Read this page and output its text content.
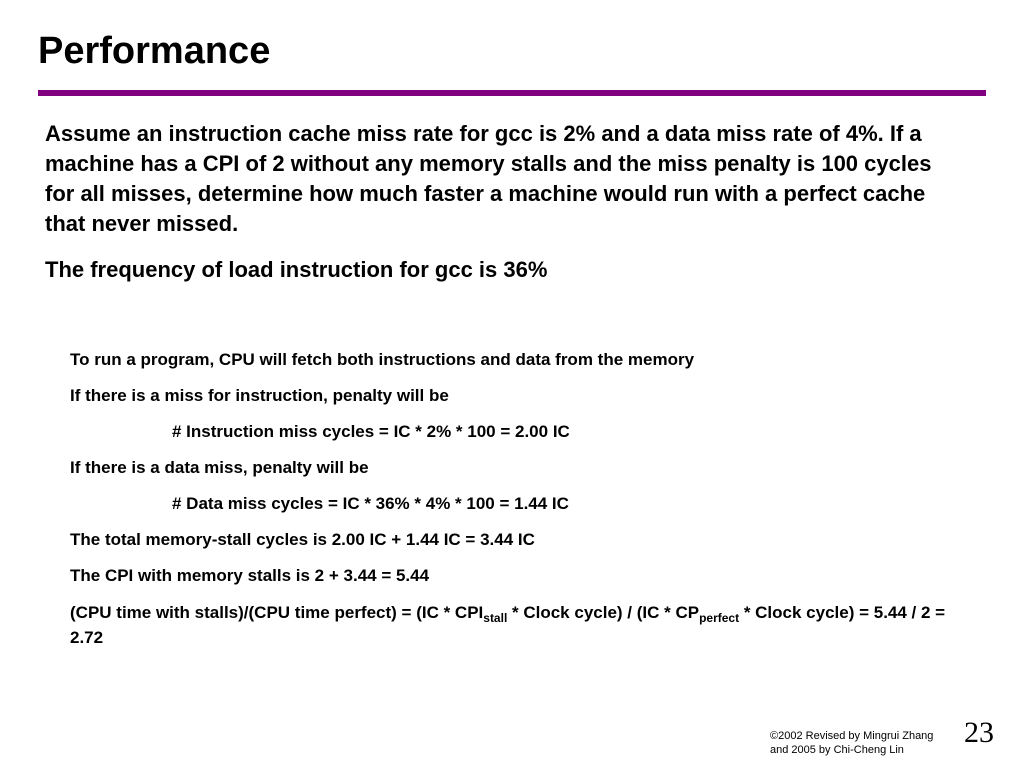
Performance

Assume an instruction cache miss rate for gcc is 2% and a data miss rate of 4%. If a machine has a CPI of 2 without any memory stalls and the miss penalty is 100 cycles for all misses, determine how much faster a machine would run with a perfect cache that never missed.

The frequency of load instruction for gcc is 36%

To run a program, CPU will fetch both instructions and data from the memory
If there is a miss for instruction, penalty will be
# Instruction miss cycles = IC * 2% * 100 = 2.00 IC
If there is a data miss, penalty will be
# Data miss cycles = IC * 36% * 4% * 100 = 1.44 IC
The total memory-stall cycles is 2.00 IC + 1.44 IC = 3.44 IC
The CPI with memory stalls is 2 + 3.44 = 5.44
(CPU time with stalls)/(CPU time perfect) = ($IC * CPI_{stall}$ * Clock cycle) / ($IC * CP_{perfect}$ * Clock cycle) = 5.44 / 2 = 2.72
©2002 Revised by Mingrui Zhang
and 2005 by Chi-Cheng Lin
23
